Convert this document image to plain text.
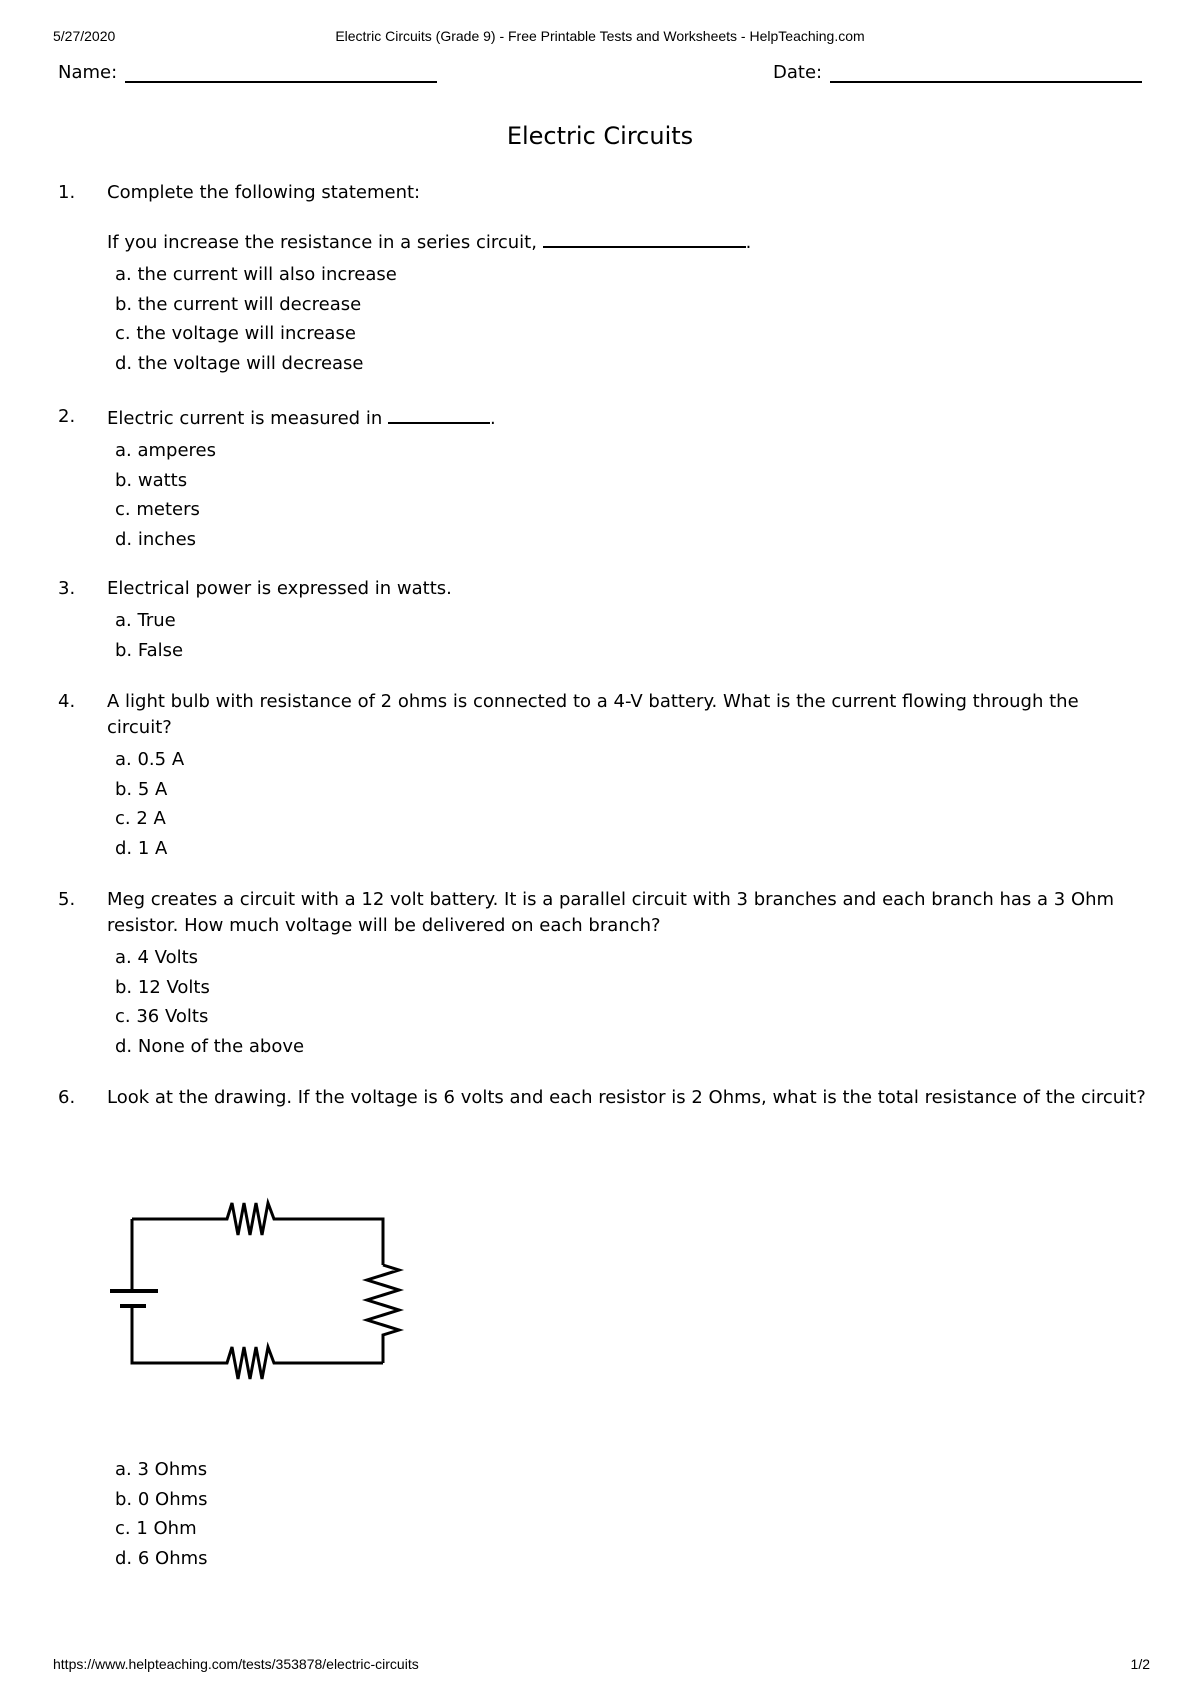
5/27/2020	Electric Circuits (Grade 9) - Free Printable Tests and Worksheets - HelpTeaching.com
Name:	Date:
Electric Circuits
1. Complete the following statement:
If you increase the resistance in a series circuit,	.
a. the current will also increase
b. the current will decrease
c. the voltage will increase
d. the voltage will decrease
2. Electric current is measured in	.
a. amperes
b. watts
c. meters
d. inches
3. Electrical power is expressed in watts.
a. True
b. False
4. A light bulb with resistance of 2 ohms is connected to a 4-V battery. What is the current flowing through the circuit?
a. 0.5 A
b. 5 A
c. 2 A
d. 1 A
5. Meg creates a circuit with a 12 volt battery. It is a parallel circuit with 3 branches and each branch has a 3 Ohm resistor. How much voltage will be delivered on each branch?
a. 4 Volts
b. 12 Volts
c. 36 Volts
d. None of the above
6. Look at the drawing. If the voltage is 6 volts and each resistor is 2 Ohms, what is the total resistance of the circuit?
a. 3 Ohms
b. 0 Ohms
c. 1 Ohm
d. 6 Ohms
https://www.helpteaching.com/tests/353878/electric-circuits	1/2
